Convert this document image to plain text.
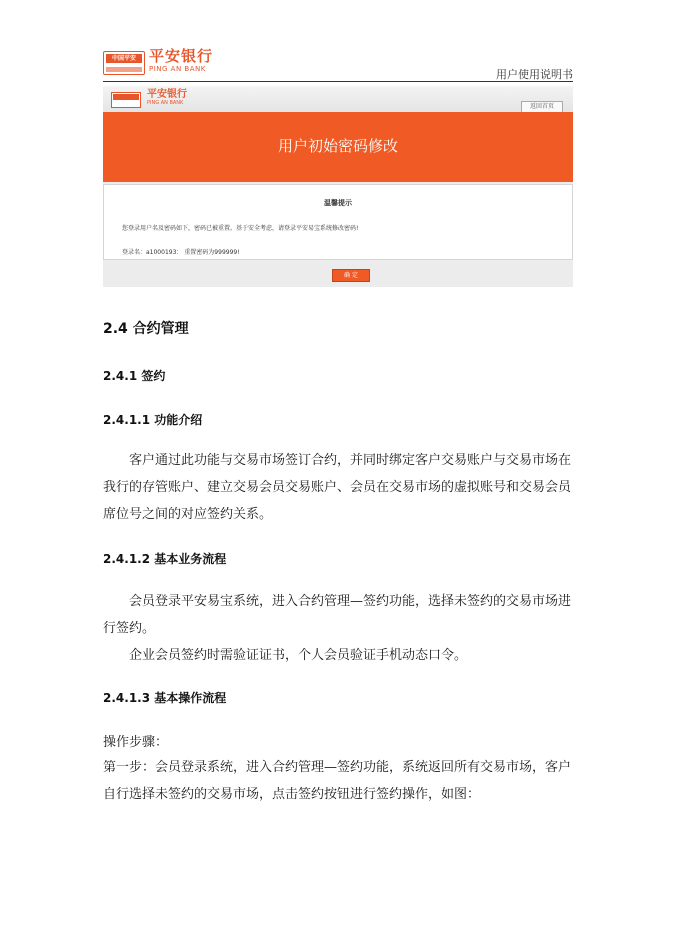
中国平安 平安银行
PING AN BANK	用户使用说明书
平安银行
PING AN BANK	返回首页
用户初始密码修改
温馨提示
您登录用户名及密码如下，密码已被重置。基于安全考虑，请登录平安易宝系统修改密码!
登录名：a1000193： 重置密码为999999!
确 定
2.4 合约管理
2.4.1 签约
2.4.1.1 功能介绍

客户通过此功能与交易市场签订合约，并同时绑定客户交易账户与交易市场在我行的存管账户、建立交易会员交易账户、会员在交易市场的虚拟账号和交易会员席位号之间的对应签约关系。

2.4.1.2 基本业务流程

会员登录平安易宝系统，进入合约管理—签约功能，选择未签约的交易市场进行签约。

企业会员签约时需验证证书，个人会员验证手机动态口令。

2.4.1.3 基本操作流程

操作步骤：

第一步：会员登录系统，进入合约管理—签约功能，系统返回所有交易市场，客户自行选择未签约的交易市场，点击签约按钮进行签约操作，如图：
